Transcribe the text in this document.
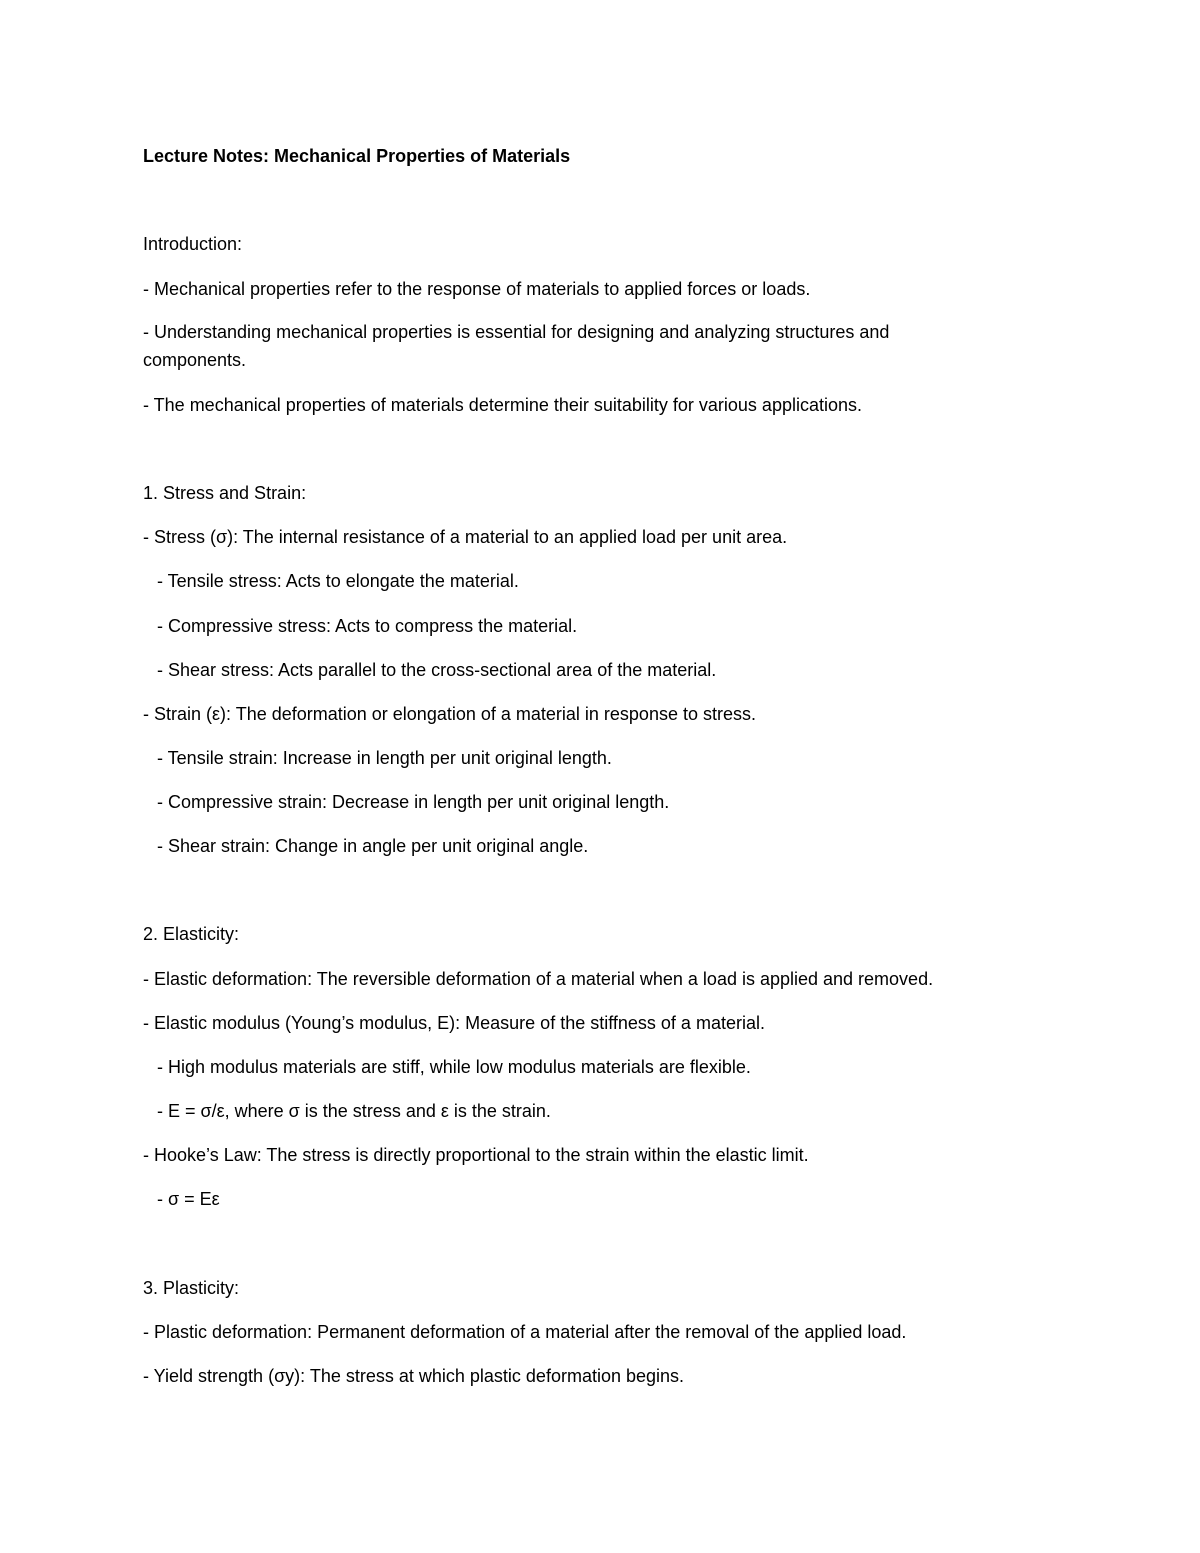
Lecture Notes: Mechanical Properties of Materials
Introduction:
- Mechanical properties refer to the response of materials to applied forces or loads.
- Understanding mechanical properties is essential for designing and analyzing structures and
components.
- The mechanical properties of materials determine their suitability for various applications.
1. Stress and Strain:
- Stress (σ): The internal resistance of a material to an applied load per unit area.
- Tensile stress: Acts to elongate the material.
- Compressive stress: Acts to compress the material.
- Shear stress: Acts parallel to the cross-sectional area of the material.
- Strain (ε): The deformation or elongation of a material in response to stress.
- Tensile strain: Increase in length per unit original length.
- Compressive strain: Decrease in length per unit original length.
- Shear strain: Change in angle per unit original angle.
2. Elasticity:
- Elastic deformation: The reversible deformation of a material when a load is applied and removed.
- Elastic modulus (Young’s modulus, E): Measure of the stiffness of a material.
- High modulus materials are stiff, while low modulus materials are flexible.
- E = σ/ε, where σ is the stress and ε is the strain.
- Hooke’s Law: The stress is directly proportional to the strain within the elastic limit.
- σ = Eε
3. Plasticity:
- Plastic deformation: Permanent deformation of a material after the removal of the applied load.
- Yield strength (σy): The stress at which plastic deformation begins.
